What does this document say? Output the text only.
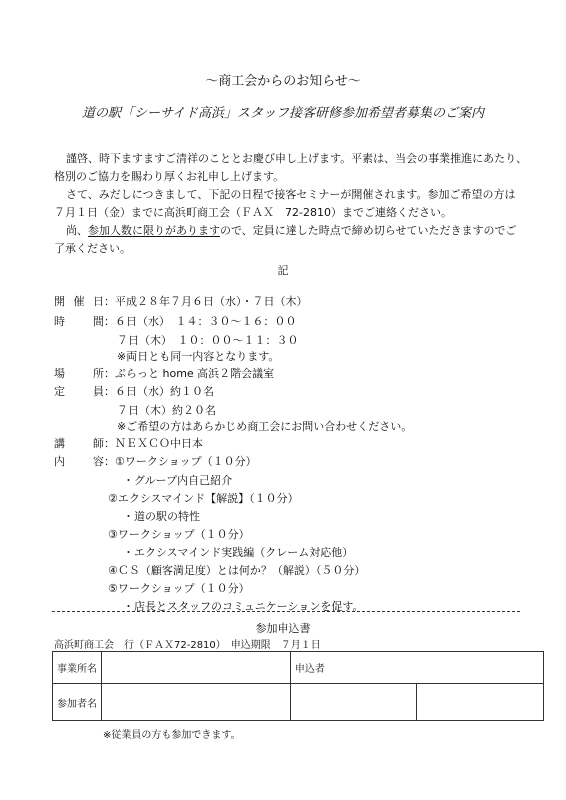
～商工会からのお知らせ～
道の駅「シーサイド高浜」スタッフ接客研修参加希望者募集のご案内
謹啓、時下ますますご清祥のこととお慶び申し上げます。平素は、当会の事業推進にあたり、
格別のご協力を賜わり厚くお礼申し上げます。
さて、みだしにつきまして、下記の日程で接客セミナーが開催されます。参加ご希望の方は
７月１日（金）までに高浜町商工会（ＦＡＸ　72-2810）までご連絡ください。
尚、参加人数に限りがありますので、定員に達した時点で締め切らせていただきますのでご
了承ください。
記
開催日：平成２８年７月６日（水）・７日（木）
時間：６日（水）　１４：３０～１６：００
７日（木）　１０：００～１１：３０
※両日とも同一内容となります。
場所：ぷらっと home 高浜２階会議室
定員：６日（水）約１０名
７日（木）約２０名
※ご希望の方はあらかじめ商工会にお問い合わせください。
講師：ＮＥＸＣＯ中日本
内容：①ワークショップ（１０分）
・グループ内自己紹介
②エクシスマインド【解説】（１０分）
・道の駅の特性
③ワークショップ（１０分）
・エクシスマインド実践編（クレーム対応他）
④ＣＳ（顧客満足度）とは何か？（解説）（５０分）
⑤ワークショップ（１０分）
・店長とスタッフのコミュニケーションを促す。
参加申込書
高浜町商工会　行（ＦＡＸ72-2810）　申込期限　７月１日
事業所名		申込者	
参加者名			
※従業員の方も参加できます。
